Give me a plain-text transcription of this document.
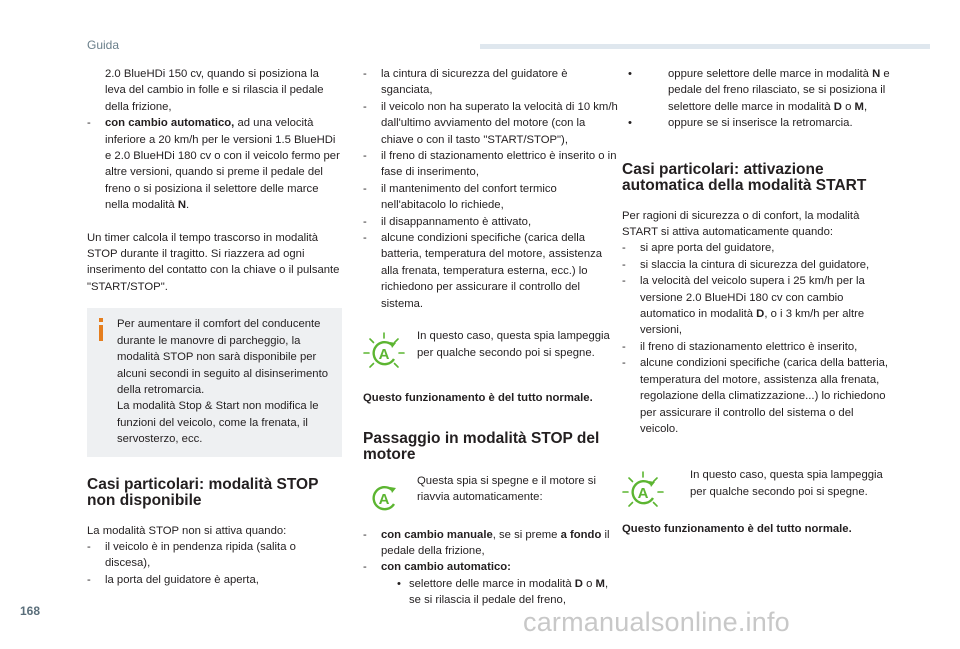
Guida

2.0 BlueHDi 150 cv, quando si posiziona la leva del cambio in folle e si rilascia il pedale della frizione,

- con cambio automatico, ad una velocità inferiore a 20 km/h per le versioni 1.5 BlueHDi e 2.0 BlueHDi 180 cv o con il veicolo fermo per altre versioni, quando si preme il pedale del freno o si posiziona il selettore delle marce nella modalità N.

Un timer calcola il tempo trascorso in modalità STOP durante il tragitto. Si riazzera ad ogni inserimento del contatto con la chiave o il pulsante "START/STOP".

Per aumentare il comfort del conducente durante le manovre di parcheggio, la modalità STOP non sarà disponibile per alcuni secondi in seguito al disinserimento della retromarcia.

La modalità Stop & Start non modifica le funzioni del veicolo, come la frenata, il servosterzo, ecc.

Casi particolari: modalità STOP non disponibile

La modalità STOP non si attiva quando:

- il veicolo è in pendenza ripida (salita o discesa),

- la porta del guidatore è aperta,

- la cintura di sicurezza del guidatore è sganciata,

- il veicolo non ha superato la velocità di 10 km/h dall'ultimo avviamento del motore (con la chiave o con il tasto "START/STOP"),

- il freno di stazionamento elettrico è inserito o in fase di inserimento,

- il mantenimento del confort termico nell'abitacolo lo richiede,

- il disappannamento è attivato,

- alcune condizioni specifiche (carica della batteria, temperatura del motore, assistenza alla frenata, temperatura esterna, ecc.) lo richiedono per assicurare il controllo del sistema.

A

In questo caso, questa spia lampeggia per qualche secondo poi si spegne.

Questo funzionamento è del tutto normale.

Passaggio in modalità STOP del motore
A

Questa spia si spegne e il motore si riavvia automaticamente:

- con cambio manuale, se si preme a fondo il pedale della frizione,

- con cambio automatico:

• selettore delle marce in modalità D o M, se si rilascia il pedale del freno,

• oppure selettore delle marce in modalità N e pedale del freno rilasciato, se si posiziona il selettore delle marce in modalità D o M,

• oppure se si inserisce la retromarcia.

Casi particolari: attivazione automatica della modalità START

Per ragioni di sicurezza o di confort, la modalità START si attiva automaticamente quando:

- si apre porta del guidatore,

- si slaccia la cintura di sicurezza del guidatore,

- la velocità del veicolo supera i 25 km/h per la versione 2.0 BlueHDi 180 cv con cambio automatico in modalità D, o i 3 km/h per altre versioni,

- il freno di stazionamento elettrico è inserito,

- alcune condizioni specifiche (carica della batteria, temperatura del motore, assistenza alla frenata, regolazione della climatizzazione...) lo richiedono per assicurare il controllo del sistema o del veicolo.

A

In questo caso, questa spia lampeggia per qualche secondo poi si spegne.

Questo funzionamento è del tutto normale.

168	carmanualsonline.info
